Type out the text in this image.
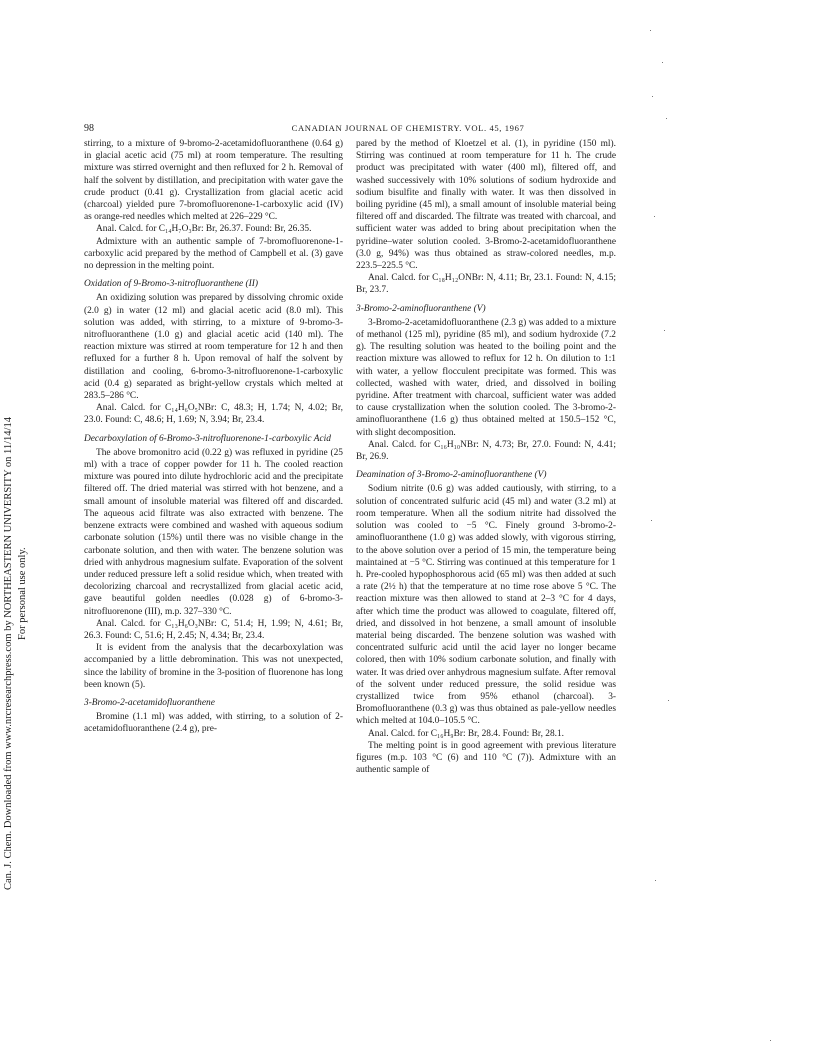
98	CANADIAN JOURNAL OF CHEMISTRY. VOL. 45, 1967
Can. J. Chem. Downloaded from www.nrcresearchpress.com by NORTHEASTERN UNIVERSITY on 11/14/14 For personal use only.

stirring, to a mixture of 9-bromo-2-acetamidofluoranthene (0.64 g) in glacial acetic acid (75 ml) at room temperature. The resulting mixture was stirred overnight and then refluxed for 2 h. Removal of half the solvent by distillation, and precipitation with water gave the crude product (0.41 g). Crystallization from glacial acetic acid (charcoal) yielded pure 7-bromofluorenone-1-carboxylic acid (IV) as orange-red needles which melted at 226–229 °C.

Anal. Calcd. for C₁₄H₇O₃Br: Br, 26.37. Found: Br, 26.35.

Admixture with an authentic sample of 7-bromofluorenone-1-carboxylic acid prepared by the method of Campbell et al. (3) gave no depression in the melting point.

Oxidation of 9-Bromo-3-nitrofluoranthene (II)

An oxidizing solution was prepared by dissolving chromic oxide (2.0 g) in water (12 ml) and glacial acetic acid (8.0 ml). This solution was added, with stirring, to a mixture of 9-bromo-3-nitrofluoranthene (1.0 g) and glacial acetic acid (140 ml). The reaction mixture was stirred at room temperature for 12 h and then refluxed for a further 8 h. Upon removal of half the solvent by distillation and cooling, 6-bromo-3-nitrofluorenone-1-carboxylic acid (0.4 g) separated as bright-yellow crystals which melted at 283.5–286 °C.

Anal. Calcd. for C₁₄H₆O₅NBr: C, 48.3; H, 1.74; N, 4.02; Br, 23.0. Found: C, 48.6; H, 1.69; N, 3.94; Br, 23.4.

Decarboxylation of 6-Bromo-3-nitrofluorenone-1-carboxylic Acid

The above bromonitro acid (0.22 g) was refluxed in pyridine (25 ml) with a trace of copper powder for 11 h. The cooled reaction mixture was poured into dilute hydrochloric acid and the precipitate filtered off. The dried material was stirred with hot benzene, and a small amount of insoluble material was filtered off and discarded. The aqueous acid filtrate was also extracted with benzene. The benzene extracts were combined and washed with aqueous sodium carbonate solution (15%) until there was no visible change in the carbonate solution, and then with water. The benzene solution was dried with anhydrous magnesium sulfate. Evaporation of the solvent under reduced pressure left a solid residue which, when treated with decolorizing charcoal and recrystallized from glacial acetic acid, gave beautiful golden needles (0.028 g) of 6-bromo-3-nitrofluorenone (III), m.p. 327–330 °C.

Anal. Calcd. for C₁₃H₆O₃NBr: C, 51.4; H, 1.99; N, 4.61; Br, 26.3. Found: C, 51.6; H, 2.45; N, 4.34; Br, 23.4.

It is evident from the analysis that the decarboxylation was accompanied by a little debromination. This was not unexpected, since the lability of bromine in the 3-position of fluorenone has long been known (5).

3-Bromo-2-acetamidofluoranthene

Bromine (1.1 ml) was added, with stirring, to a solution of 2-acetamidofluoranthene (2.4 g), pre-

pared by the method of Kloetzel et al. (1), in pyridine (150 ml). Stirring was continued at room temperature for 11 h. The crude product was precipitated with water (400 ml), filtered off, and washed successively with 10% solutions of sodium hydroxide and sodium bisulfite and finally with water. It was then dissolved in boiling pyridine (45 ml), a small amount of insoluble material being filtered off and discarded. The filtrate was treated with charcoal, and sufficient water was added to bring about precipitation when the pyridine–water solution cooled. 3-Bromo-2-acetamidofluoranthene (3.0 g, 94%) was thus obtained as straw-colored needles, m.p. 223.5–225.5 °C.

Anal. Calcd. for C₁₈H₁₂ONBr: N, 4.11; Br, 23.1. Found: N, 4.15; Br, 23.7.

3-Bromo-2-aminofluoranthene (V)

3-Bromo-2-acetamidofluoranthene (2.3 g) was added to a mixture of methanol (125 ml), pyridine (85 ml), and sodium hydroxide (7.2 g). The resulting solution was heated to the boiling point and the reaction mixture was allowed to reflux for 12 h. On dilution to 1:1 with water, a yellow flocculent precipitate was formed. This was collected, washed with water, dried, and dissolved in boiling pyridine. After treatment with charcoal, sufficient water was added to cause crystallization when the solution cooled. The 3-bromo-2-aminofluoranthene (1.6 g) thus obtained melted at 150.5–152 °C, with slight decomposition.

Anal. Calcd. for C₁₆H₁₀NBr: N, 4.73; Br, 27.0. Found: N, 4.41; Br, 26.9.

Deamination of 3-Bromo-2-aminofluoranthene (V)

Sodium nitrite (0.6 g) was added cautiously, with stirring, to a solution of concentrated sulfuric acid (45 ml) and water (3.2 ml) at room temperature. When all the sodium nitrite had dissolved the solution was cooled to −5 °C. Finely ground 3-bromo-2-aminofluoranthene (1.0 g) was added slowly, with vigorous stirring, to the above solution over a period of 15 min, the temperature being maintained at −5 °C. Stirring was continued at this temperature for 1 h. Pre-cooled hypophosphorous acid (65 ml) was then added at such a rate (2½ h) that the temperature at no time rose above 5 °C. The reaction mixture was then allowed to stand at 2–3 °C for 4 days, after which time the product was allowed to coagulate, filtered off, dried, and dissolved in hot benzene, a small amount of insoluble material being discarded. The benzene solution was washed with concentrated sulfuric acid until the acid layer no longer became colored, then with 10% sodium carbonate solution, and finally with water. It was dried over anhydrous magnesium sulfate. After removal of the solvent under reduced pressure, the solid residue was crystallized twice from 95% ethanol (charcoal). 3-Bromofluoranthene (0.3 g) was thus obtained as pale-yellow needles which melted at 104.0–105.5 °C.

Anal. Calcd. for C₁₆H₉Br: Br, 28.4. Found: Br, 28.1.

The melting point is in good agreement with previous literature figures (m.p. 103 °C (6) and 110 °C (7)). Admixture with an authentic sample of
